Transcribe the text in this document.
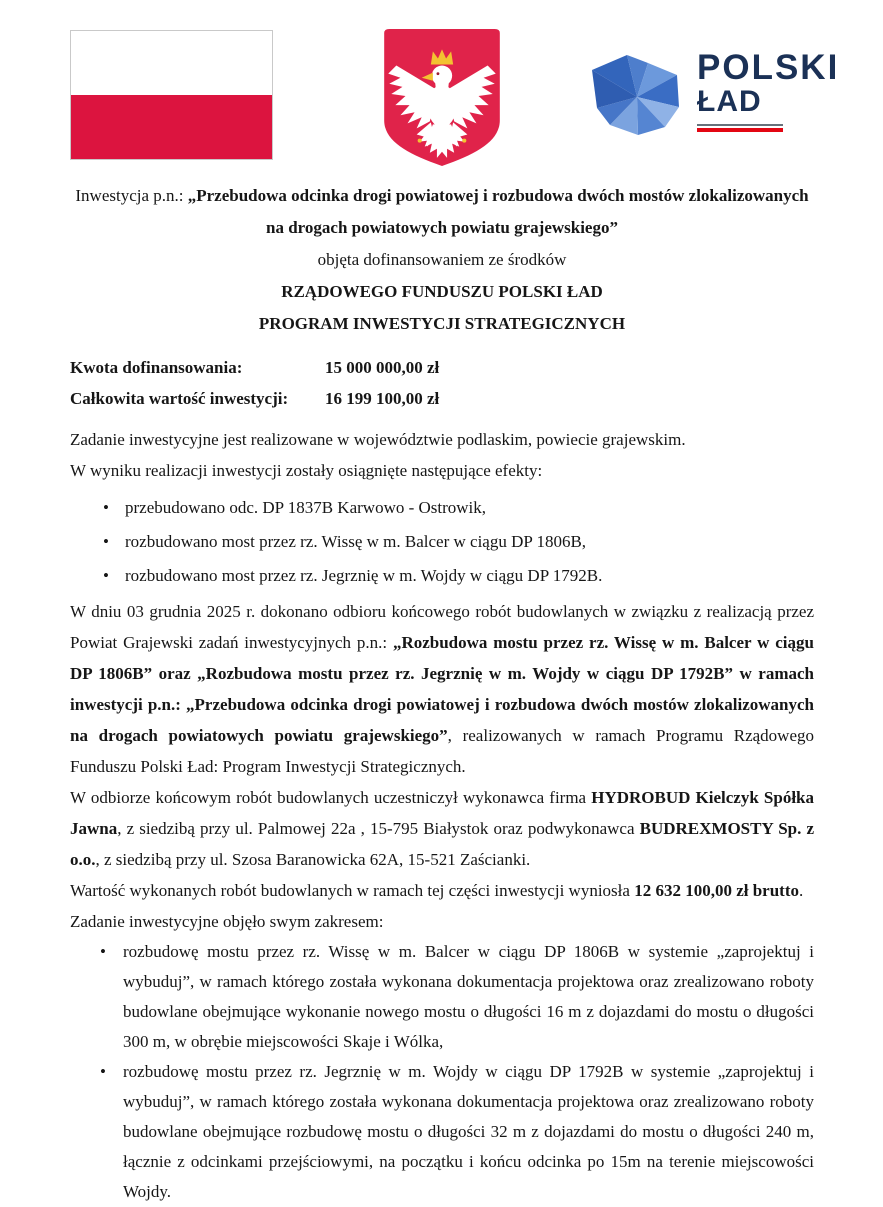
POLSKI
ŁAD

Inwestycja p.n.: „Przebudowa odcinka drogi powiatowej i rozbudowa dwóch mostów zlokalizowanych na drogach powiatowych powiatu grajewskiego”

objęta dofinansowaniem ze środków

RZĄDOWEGO FUNDUSZU POLSKI ŁAD

PROGRAM INWESTYCJI STRATEGICZNYCH

Kwota dofinansowania:	15 000 000,00 zł
Całkowita wartość inwestycji: 16 199 100,00 zł

Zadanie inwestycyjne jest realizowane w województwie podlaskim, powiecie grajewskim.

W wyniku realizacji inwestycji zostały osiągnięte następujące efekty:

• przebudowano odc. DP 1837B Karwowo - Ostrowik,
• rozbudowano most przez rz. Wissę w m. Balcer w ciągu DP 1806B,
• rozbudowano most przez rz. Jegrznię w m. Wojdy w ciągu DP 1792B.

W dniu 03 grudnia 2025 r. dokonano odbioru końcowego robót budowlanych w związku z realizacją przez Powiat Grajewski zadań inwestycyjnych p.n.: „Rozbudowa mostu przez rz. Wissę w m. Balcer w ciągu DP 1806B” oraz „Rozbudowa mostu przez rz. Jegrznię w m. Wojdy w ciągu DP 1792B” w ramach inwestycji p.n.: „Przebudowa odcinka drogi powiatowej i rozbudowa dwóch mostów zlokalizowanych na drogach powiatowych powiatu grajewskiego”, realizowanych w ramach Programu Rządowego Funduszu Polski Ład: Program Inwestycji Strategicznych.

W odbiorze końcowym robót budowlanych uczestniczył wykonawca firma HYDROBUD Kielczyk Spółka Jawna, z siedzibą przy ul. Palmowej 22a , 15-795 Białystok oraz podwykonawca BUDREXMOSTY Sp. z o.o., z siedzibą przy ul. Szosa Baranowicka 62A, 15-521 Zaścianki.

Wartość wykonanych robót budowlanych w ramach tej części inwestycji wyniosła 12 632 100,00 zł brutto.

Zadanie inwestycyjne objęło swym zakresem:

• rozbudowę mostu przez rz. Wissę w m. Balcer w ciągu DP 1806B w systemie „zaprojektuj i wybuduj”, w ramach którego została wykonana dokumentacja projektowa oraz zrealizowano roboty budowlane obejmujące wykonanie nowego mostu o długości 16 m z dojazdami do mostu o długości 300 m, w obrębie miejscowości Skaje i Wólka,
• rozbudowę mostu przez rz. Jegrznię w m. Wojdy w ciągu DP 1792B w systemie „zaprojektuj i wybuduj”, w ramach którego została wykonana dokumentacja projektowa oraz zrealizowano roboty budowlane obejmujące rozbudowę mostu o długości 32 m z dojazdami do mostu o długości 240 m, łącznie z odcinkami przejściowymi, na początku i końcu odcinka po 15m na terenie miejscowości Wojdy.
